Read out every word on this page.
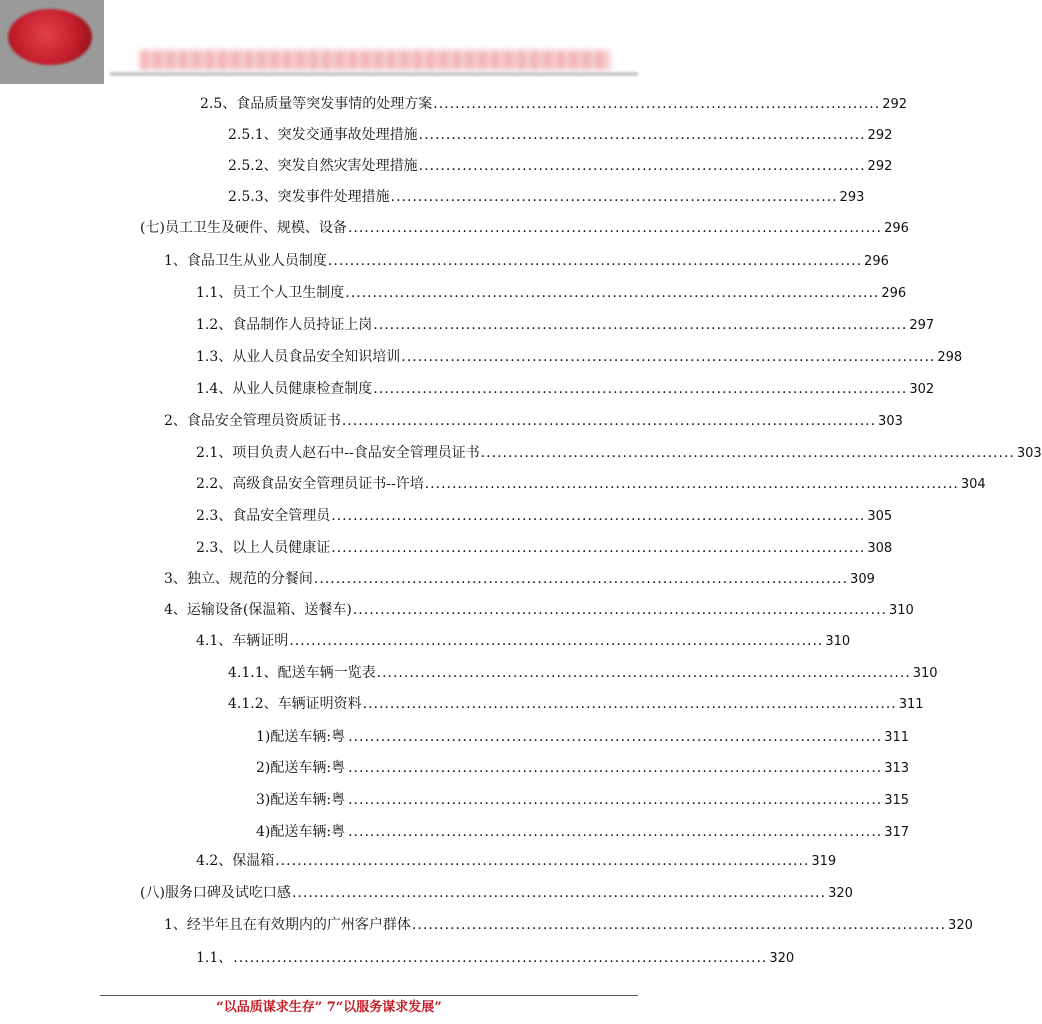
2.5、 食品质量等突发事情的处理方案 .................................................................................. 292
2.5.1、 突发交通事故处理措施 .................................................................................. 292
2.5.2、 突发自然灾害处理措施 .................................................................................. 292
2.5.3、 突发事件处理措施 .................................................................................. 293
(七) 员工卫生及硬件、规模、设备 .................................................................................................. 296
1、 食品卫生从业人员制度 .................................................................................................. 296
1.1、 员工个人卫生制度 .................................................................................................. 296
1.2、 食品制作人员持证上岗 .................................................................................................. 297
1.3、 从业人员食品安全知识培训 .................................................................................................. 298
1.4、 从业人员健康检查制度 .................................................................................................. 302
2、 食品安全管理员资质证书 .................................................................................................. 303
2.1、 项目负责人赵石中--食品安全管理员证书 .................................................................................................. 303
2.2、 高级食品安全管理员证书--许培 .................................................................................................. 304
2.3、 食品安全管理员 .................................................................................................. 305
2.3、 以上人员健康证 .................................................................................................. 308
3、 独立、规范的分餐间 .................................................................................................. 309
4、 运输设备(保温箱、送餐车) .................................................................................................. 310
4.1、 车辆证明 .................................................................................................. 310
4.1.1、 配送车辆一览表 .................................................................................................. 310
4.1.2、 车辆证明资料 .................................................................................................. 311
1) 配送车辆:粤 .................................................................................................. 311
2) 配送车辆:粤 .................................................................................................. 313
3) 配送车辆:粤 .................................................................................................. 315
4) 配送车辆:粤 .................................................................................................. 317
4.2、 保温箱 .................................................................................................. 319
(八) 服务口碑及试吃口感 .................................................................................................. 320
1、 经半年且在有效期内的广州客户群体 .................................................................................................. 320
1.1、 .................................................................................................. 320
“以品质谋求生存” 7“以服务谋求发展”
